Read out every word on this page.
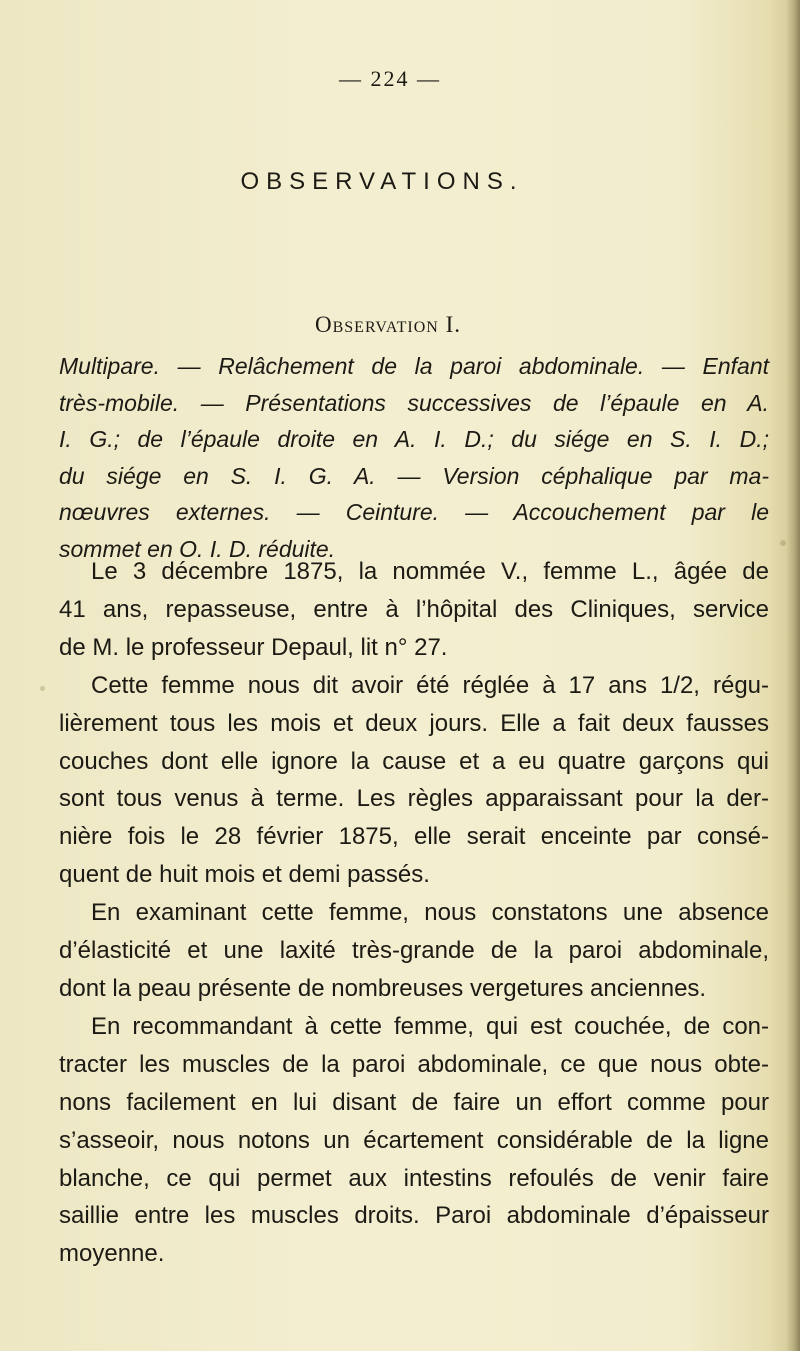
— 224 —
OBSERVATIONS.
Observation I.
Multipare. — Relâchement de la paroi abdominale. — Enfant
très-mobile. — Présentations successives de l’épaule en A.
I. G.; de l’épaule droite en A. I. D.; du siége en S. I. D.;
du siége en S. I. G. A. — Version céphalique par ma-
nœuvres externes. — Ceinture. — Accouchement par le
sommet en O. I. D. réduite.
Le 3 décembre 1875, la nommée V., femme L., âgée de
41 ans, repasseuse, entre à l’hôpital des Cliniques, service
de M. le professeur Depaul, lit n° 27.
Cette femme nous dit avoir été réglée à 17 ans 1/2, régu-
lièrement tous les mois et deux jours. Elle a fait deux fausses
couches dont elle ignore la cause et a eu quatre garçons qui
sont tous venus à terme. Les règles apparaissant pour la der-
nière fois le 28 février 1875, elle serait enceinte par consé-
quent de huit mois et demi passés.
En examinant cette femme, nous constatons une absence
d’élasticité et une laxité très-grande de la paroi abdominale,
dont la peau présente de nombreuses vergetures anciennes.
En recommandant à cette femme, qui est couchée, de con-
tracter les muscles de la paroi abdominale, ce que nous obte-
nons facilement en lui disant de faire un effort comme pour
s’asseoir, nous notons un écartement considérable de la ligne
blanche, ce qui permet aux intestins refoulés de venir faire
saillie entre les muscles droits. Paroi abdominale d’épaisseur
moyenne.
